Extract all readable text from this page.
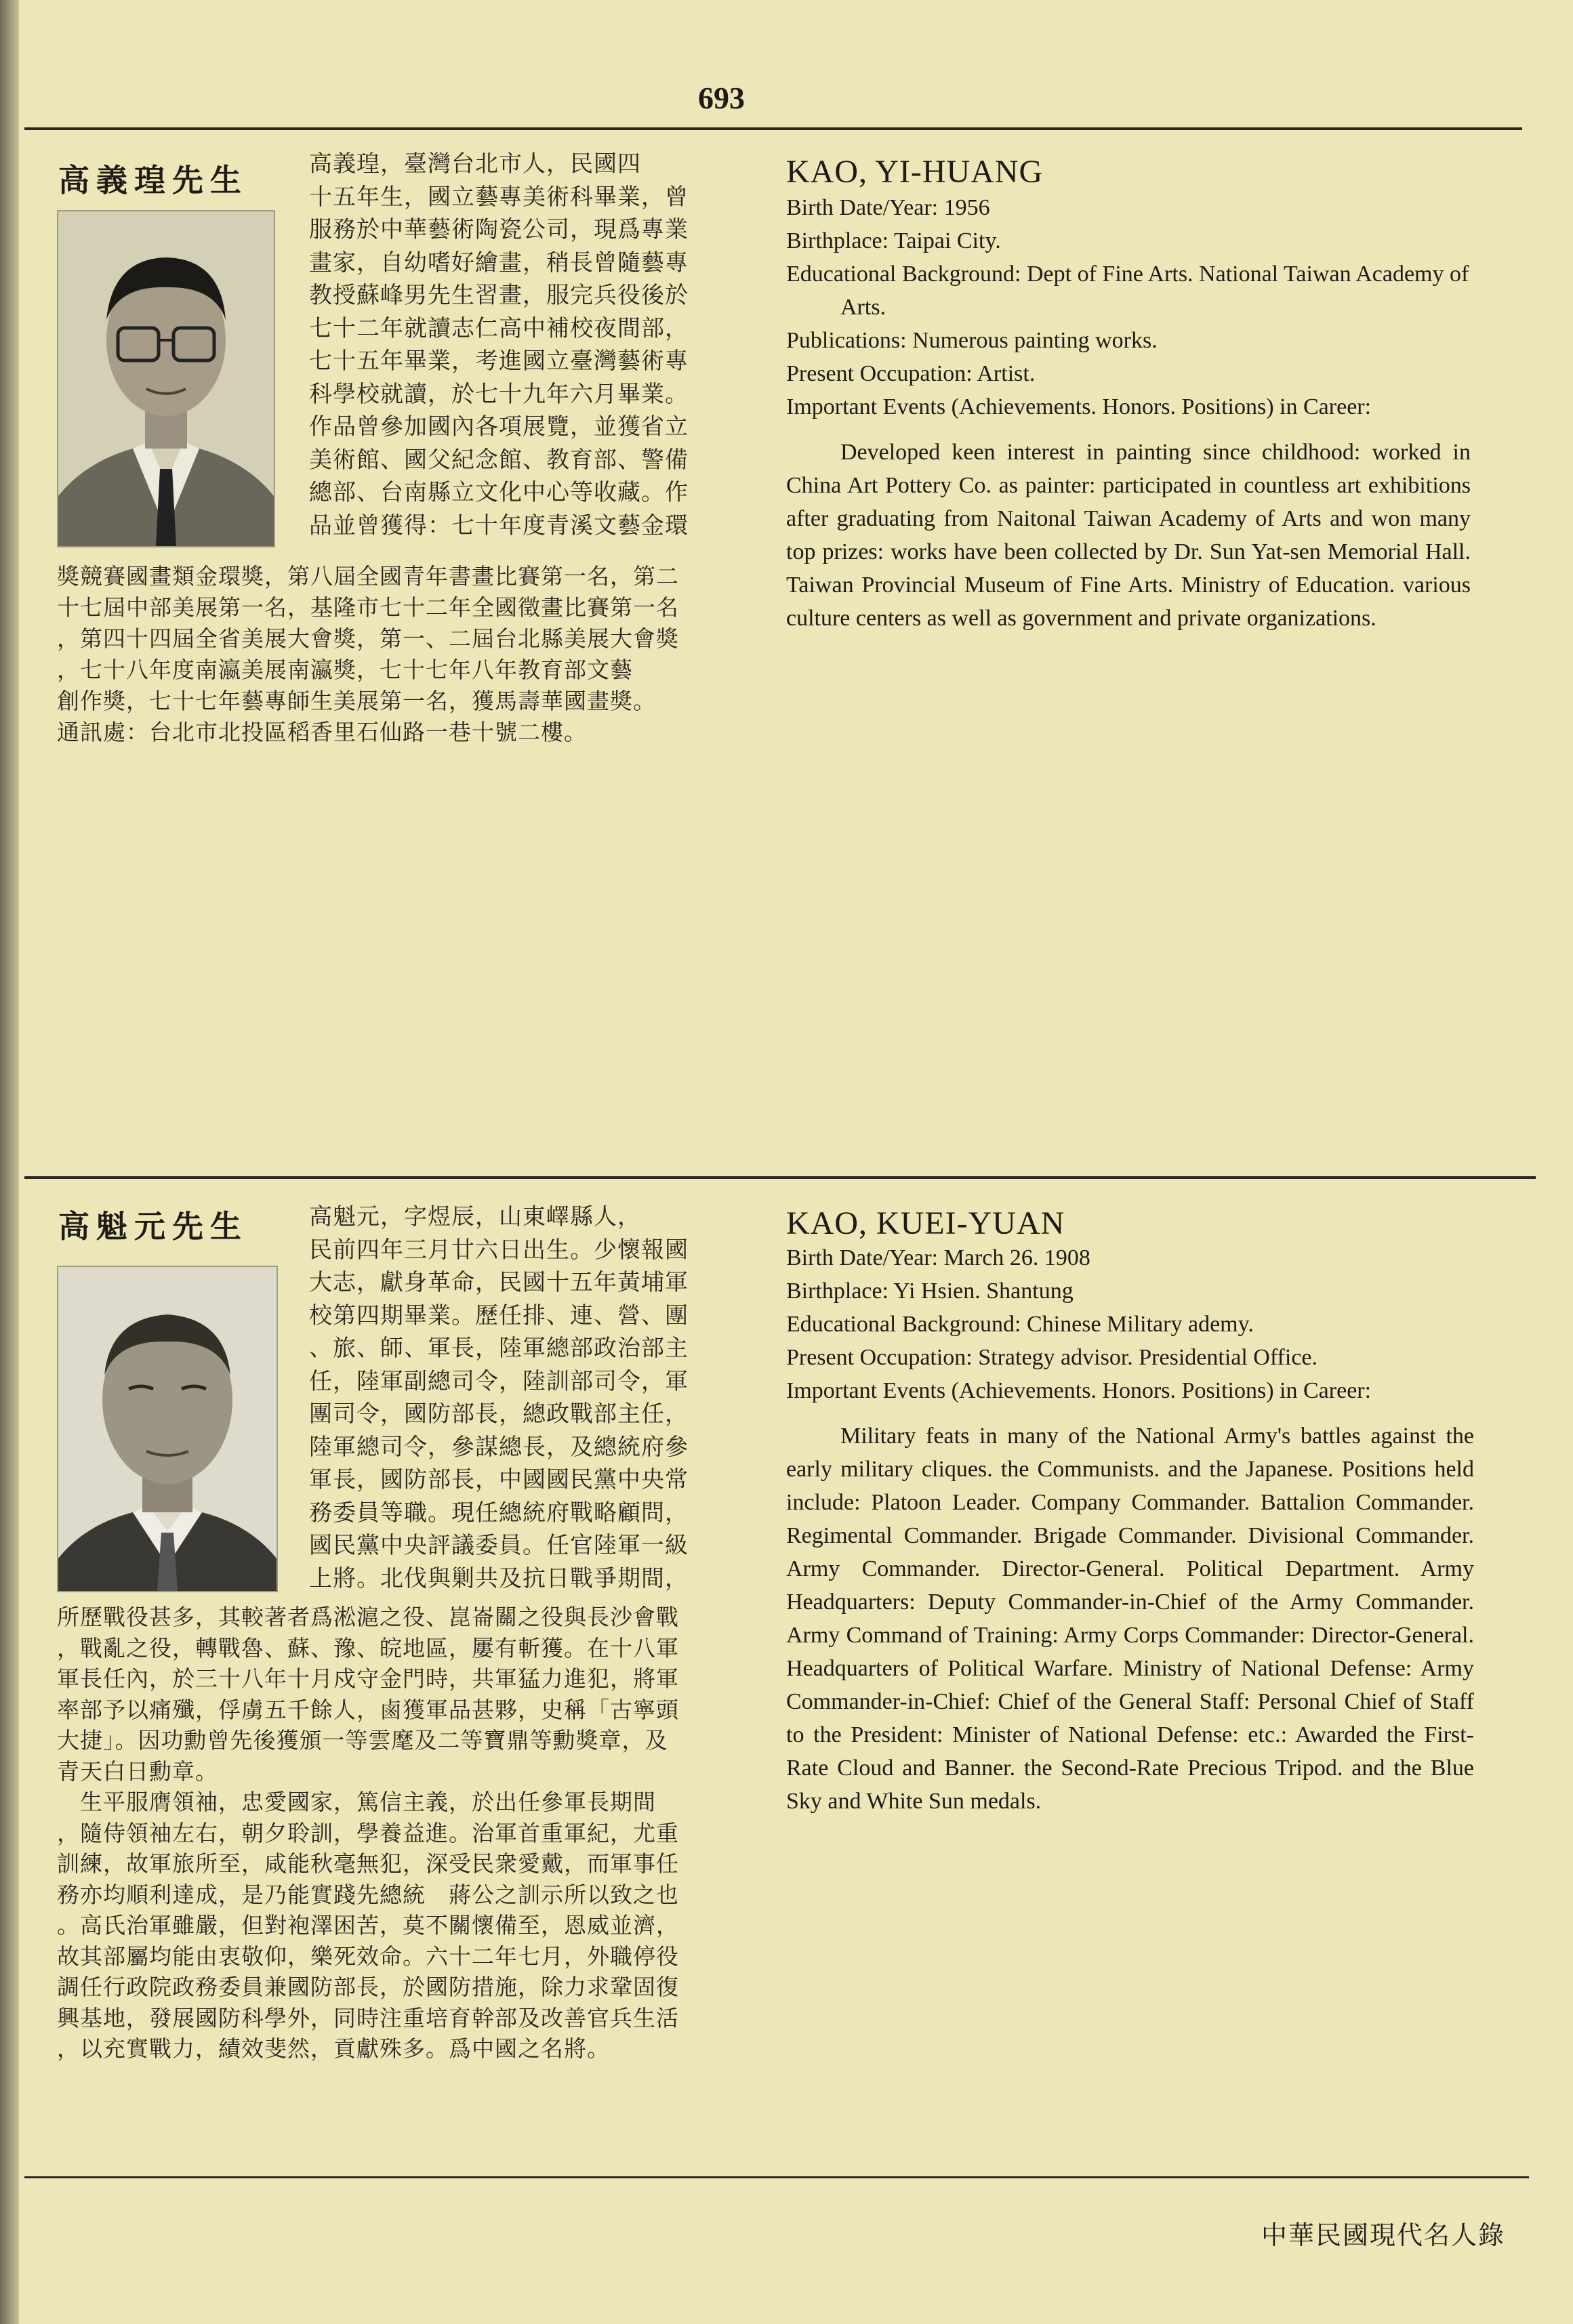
693
高義瑝先生	高義瑝，臺灣台北市人，民國四
十五年生，國立藝專美術科畢業，曾
服務於中華藝術陶瓷公司，現爲專業
畫家，自幼嗜好繪畫，稍長曾隨藝專
教授蘇峰男先生習畫，服完兵役後於
七十二年就讀志仁高中補校夜間部，
七十五年畢業，考進國立臺灣藝術專
科學校就讀，於七十九年六月畢業。
作品曾參加國內各項展覽，並獲省立
美術館、國父紀念館、教育部、警備
總部、台南縣立文化中心等收藏。作
品並曾獲得：七十年度青溪文藝金環
獎競賽國畫類金環獎，第八屆全國青年書畫比賽第一名，第二
十七屆中部美展第一名，基隆市七十二年全國徵畫比賽第一名
，第四十四屆全省美展大會獎，第一、二屆台北縣美展大會獎
，七十八年度南瀛美展南瀛獎，七十七年八年教育部文藝
創作獎，七十七年藝專師生美展第一名，獲馬壽華國畫獎。
通訊處：台北市北投區稻香里石仙路一巷十號二樓。
KAO, YI-HUANG
Birth Date/Year: 1956
Birthplace: Taipai City.
Educational Background: Dept of Fine Arts. National Taiwan Academy of Arts.
Publications: Numerous painting works.
Present Occupation: Artist.
Important Events (Achievements. Honors. Positions) in Career:
Developed keen interest in painting since childhood: worked in China Art Pottery Co. as painter: participated in countless art exhibitions after graduating from Naitonal Taiwan Academy of Arts and won many top prizes: works have been collected by Dr. Sun Yat-sen Memorial Hall. Taiwan Provincial Museum of Fine Arts. Ministry of Education. various culture centers as well as government and private organizations.
高魁元先生	高魁元，字煜辰，山東嶧縣人，
民前四年三月廿六日出生。少懷報國
大志，獻身革命，民國十五年黃埔軍
校第四期畢業。歷任排、連、營、團
、旅、師、軍長，陸軍總部政治部主
任，陸軍副總司令，陸訓部司令，軍
團司令，國防部長，總政戰部主任，
陸軍總司令，參謀總長，及總統府參
軍長，國防部長，中國國民黨中央常
務委員等職。現任總統府戰略顧問，
國民黨中央評議委員。任官陸軍一級
上將。北伐與剿共及抗日戰爭期間，
所歷戰役甚多，其較著者爲淞滬之役、崑崙關之役與長沙會戰
，戰亂之役，轉戰魯、蘇、豫、皖地區，屢有斬獲。在十八軍
軍長任內，於三十八年十月戍守金門時，共軍猛力進犯，將軍
率部予以痛殲，俘虜五千餘人，鹵獲軍品甚夥，史稱「古寧頭
大捷」。因功勳曾先後獲頒一等雲麾及二等寶鼎等勳獎章，及
青天白日勳章。
　生平服膺領袖，忠愛國家，篤信主義，於出任參軍長期間
，隨侍領袖左右，朝夕聆訓，學養益進。治軍首重軍紀，尤重
訓練，故軍旅所至，咸能秋毫無犯，深受民衆愛戴，而軍事任
務亦均順利達成，是乃能實踐先總統　蔣公之訓示所以致之也
。高氏治軍雖嚴，但對袍澤困苦，莫不關懷備至，恩威並濟，
故其部屬均能由衷敬仰，樂死效命。六十二年七月，外職停役
調任行政院政務委員兼國防部長，於國防措施，除力求鞏固復
興基地，發展國防科學外，同時注重培育幹部及改善官兵生活
，以充實戰力，績效斐然，貢獻殊多。爲中國之名將。
KAO, KUEI-YUAN
Birth Date/Year: March 26. 1908
Birthplace: Yi Hsien. Shantung
Educational Background: Chinese Military ademy.
Present Occupation: Strategy advisor. Presidential Office.
Important Events (Achievements. Honors. Positions) in Career:
Military feats in many of the National Army's battles against the early military cliques. the Communists. and the Japanese. Positions held include: Platoon Leader. Company Commander. Battalion Commander. Regimental Commander. Brigade Commander. Divisional Commander. Army Commander. Director-General. Political Department. Army Headquarters: Deputy Commander-in-Chief of the Army Commander. Army Command of Training: Army Corps Commander: Director-General. Headquarters of Political Warfare. Ministry of National Defense: Army Commander-in-Chief: Chief of the General Staff: Personal Chief of Staff to the President: Minister of National Defense: etc.: Awarded the First-Rate Cloud and Banner. the Second-Rate Precious Tripod. and the Blue Sky and White Sun medals.
中華民國現代名人錄
